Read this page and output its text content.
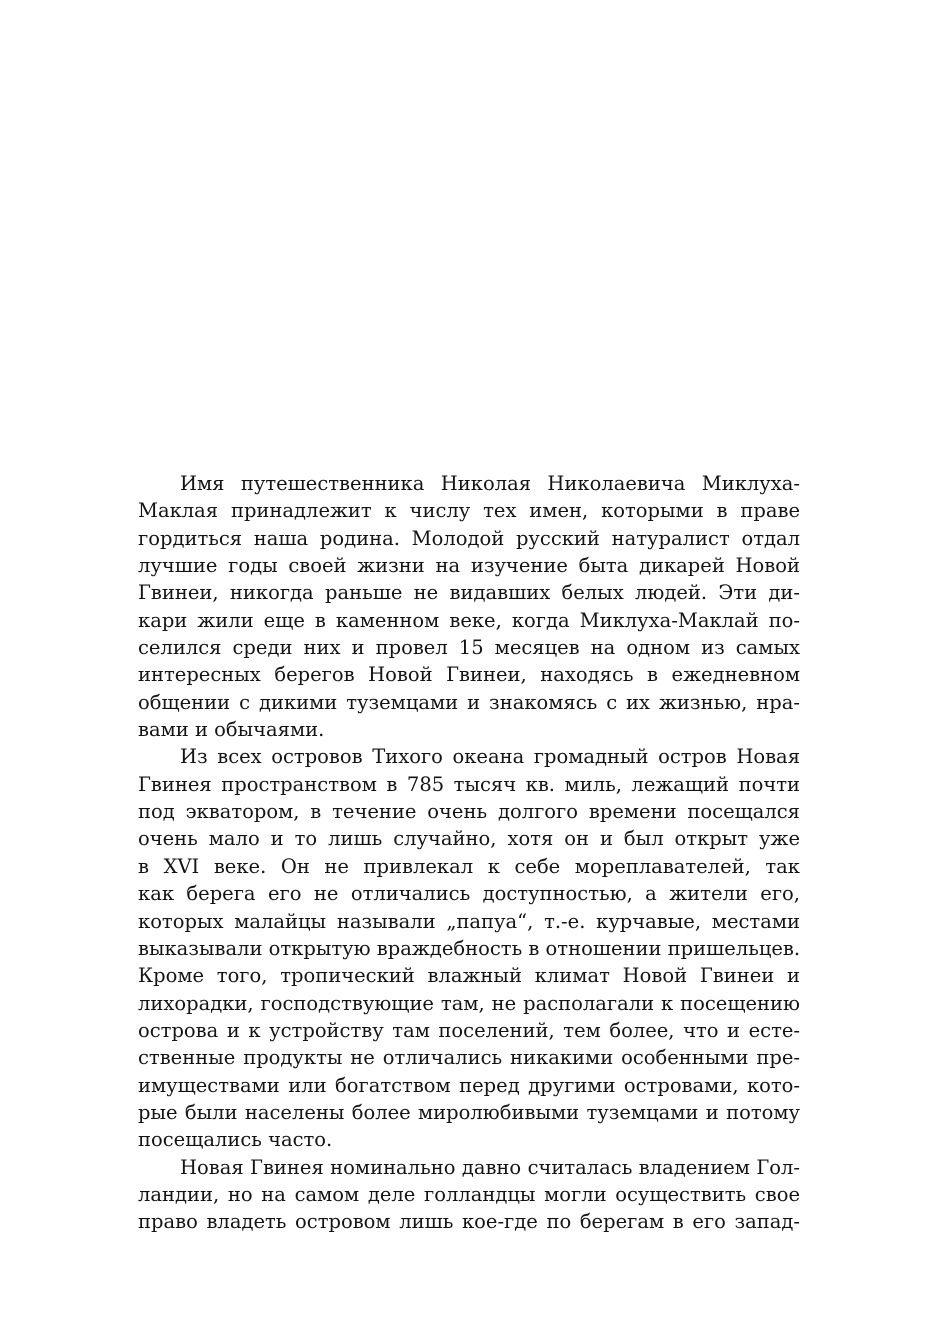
Имя путешественника Николая Николаевича Миклуха-
Маклая принадлежит к числу тех имен, которыми в праве
гордиться наша родина. Молодой русский натуралист отдал
лучшие годы своей жизни на изучение быта дикарей Новой
Гвинеи, никогда раньше не видавших белых людей. Эти ди-
кари жили еще в каменном веке, когда Миклуха-Маклай по-
селился среди них и провел 15 месяцев на одном из самых
интересных берегов Новой Гвинеи, находясь в ежедневном
общении с дикими туземцами и знакомясь с их жизнью, нра-
вами и обычаями.
Из всех островов Тихого океана громадный остров Новая
Гвинея пространством в 785 тысяч кв. миль, лежащий почти
под экватором, в течение очень долгого времени посещался
очень мало и то лишь случайно, хотя он и был открыт уже
в XVI веке. Он не привлекал к себе мореплавателей, так
как берега его не отличались доступностью, а жители его,
которых малайцы называли „папуа“, т.-е. курчавые, местами
выказывали открытую враждебность в отношении пришельцев.
Кроме того, тропический влажный климат Новой Гвинеи и
лихорадки, господствующие там, не располагали к посещению
острова и к устройству там поселений, тем более, что и есте-
ственные продукты не отличались никакими особенными пре-
имуществами или богатством перед другими островами, кото-
рые были населены более миролюбивыми туземцами и потому
посещались часто.
Новая Гвинея номинально давно считалась владением Гол-
ландии, но на самом деле голландцы могли осуществить свое
право владеть островом лишь кое-где по берегам в его запад-
